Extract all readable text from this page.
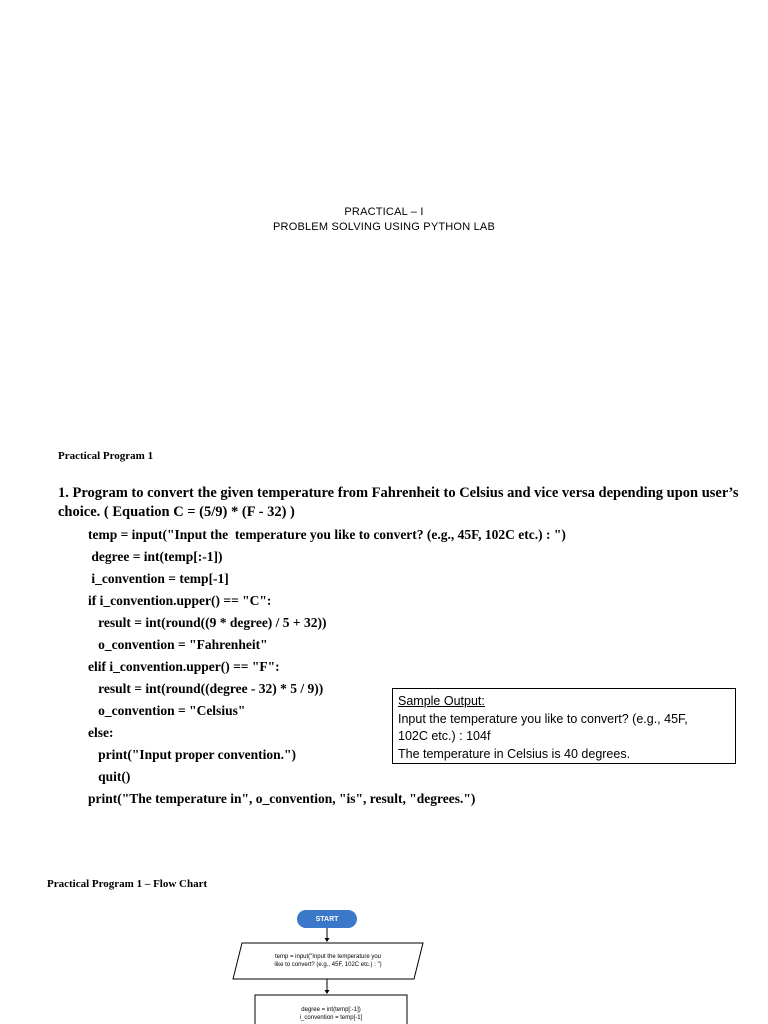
PRACTICAL – I
PROBLEM SOLVING USING PYTHON LAB
Practical Program 1
1. Program to convert the given temperature from Fahrenheit to Celsius and vice versa depending upon user’s choice. ( Equation C = (5/9) * (F - 32) )
temp = input("Input the  temperature you like to convert? (e.g., 45F, 102C etc.) : ")
degree = int(temp[:-1])
i_convention = temp[-1]
if i_convention.upper() == "C":
result = int(round((9 * degree) / 5 + 32))
o_convention = "Fahrenheit"
elif i_convention.upper() == "F":
result = int(round((degree - 32) * 5 / 9))
o_convention = "Celsius"
else:
print("Input proper convention.")
quit()
print("The temperature in", o_convention, "is", result, "degrees.")
Sample Output:
Input the temperature you like to convert? (e.g., 45F,
102C etc.) : 104f
The temperature in Celsius is 40 degrees.
Practical Program 1 – Flow Chart
START
temp = input("Input the temperature you
like to convert? (e.g., 45F, 102C etc.) : ")
degree = int(temp[:-1])
i_convention = temp[-1]
